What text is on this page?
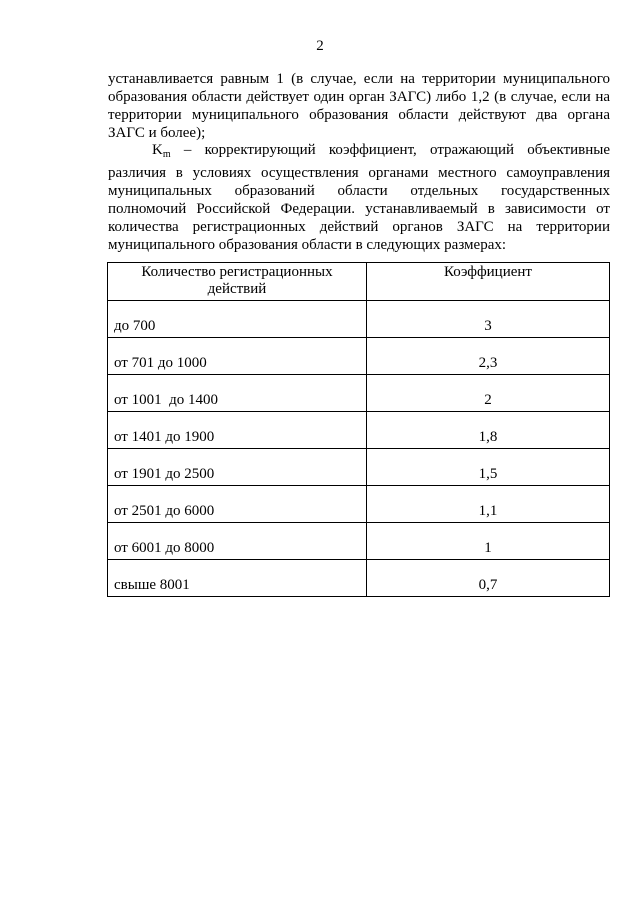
2
устанавливается равным 1 (в случае, если на территории муниципального образования области действует один орган ЗАГС) либо 1,2 (в случае, если на территории муниципального образования области действуют два органа ЗАГС и более);
$K_m$ – корректирующий коэффициент, отражающий объективные различия в условиях осуществления органами местного самоуправления муниципальных образований области отдельных государственных полномочий Российской Федерации. устанавливаемый в зависимости от количества регистрационных действий органов ЗАГС на территории муниципального образования области в следующих размерах:
Количество регистрационных действий	Коэффициент
до 700	3
от 701 до 1000	2,3
от 1001  до 1400	2
от 1401 до 1900	1,8
от 1901 до 2500	1,5
от 2501 до 6000	1,1
от 6001 до 8000	1
свыше 8001	0,7
